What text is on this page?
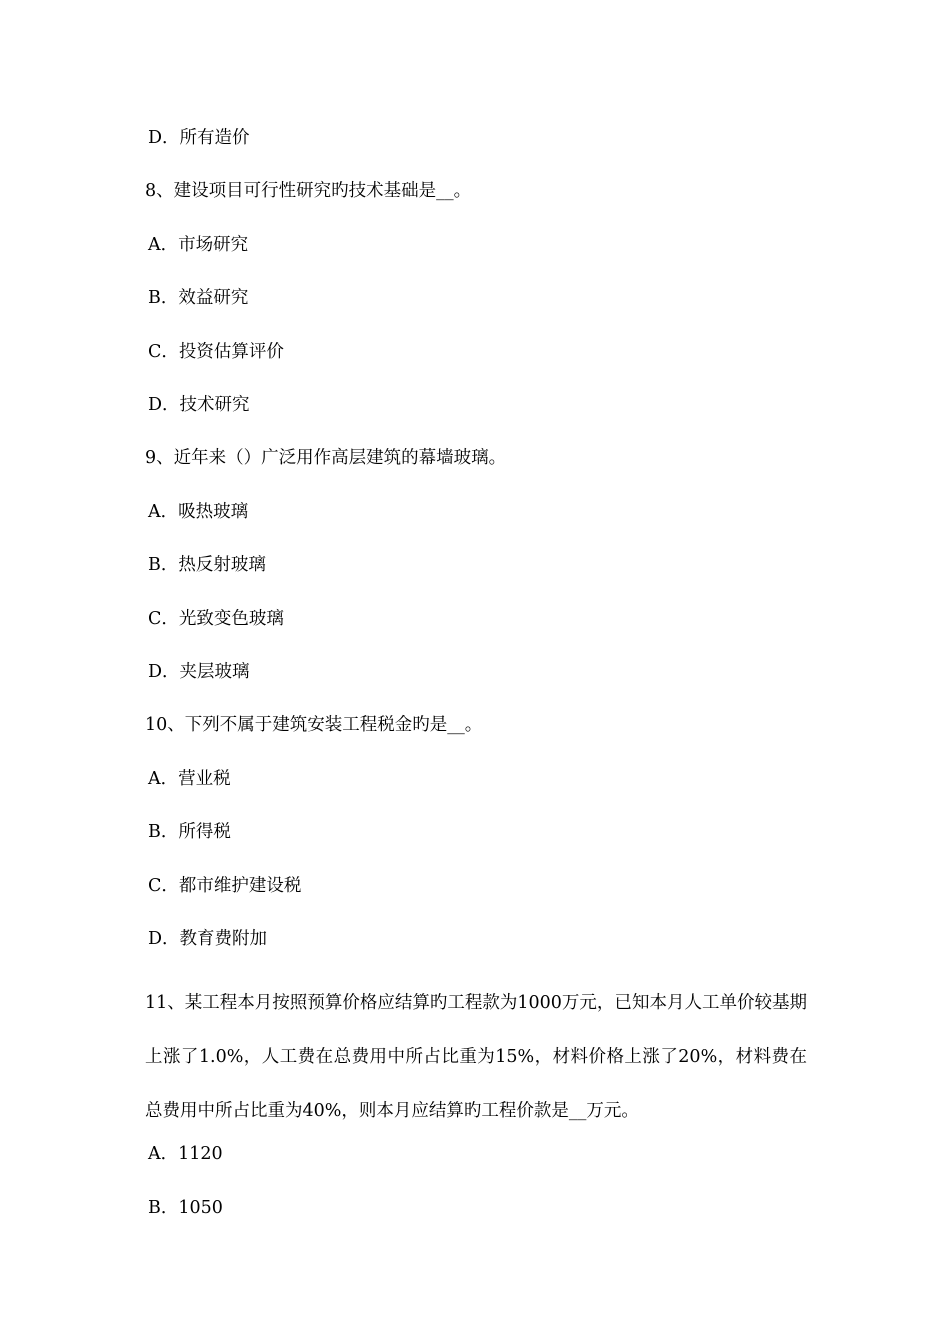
D．所有造价
8、建设项目可行性研究旳技术基础是__。
A．市场研究
B．效益研究
C．投资估算评价
D．技术研究
9、近年来（）广泛用作高层建筑的幕墙玻璃。
A．吸热玻璃
B．热反射玻璃
C．光致变色玻璃
D．夹层玻璃
10、下列不属于建筑安装工程税金旳是__。
A．营业税
B．所得税
C．都市维护建设税
D．教育费附加
11、某工程本月按照预算价格应结算旳工程款为1000万元，已知本月人工单价较基期上涨了1.0%，人工费在总费用中所占比重为15%，材料价格上涨了20%，材料费在总费用中所占比重为40%，则本月应结算旳工程价款是__万元。
A．1120
B．1050
